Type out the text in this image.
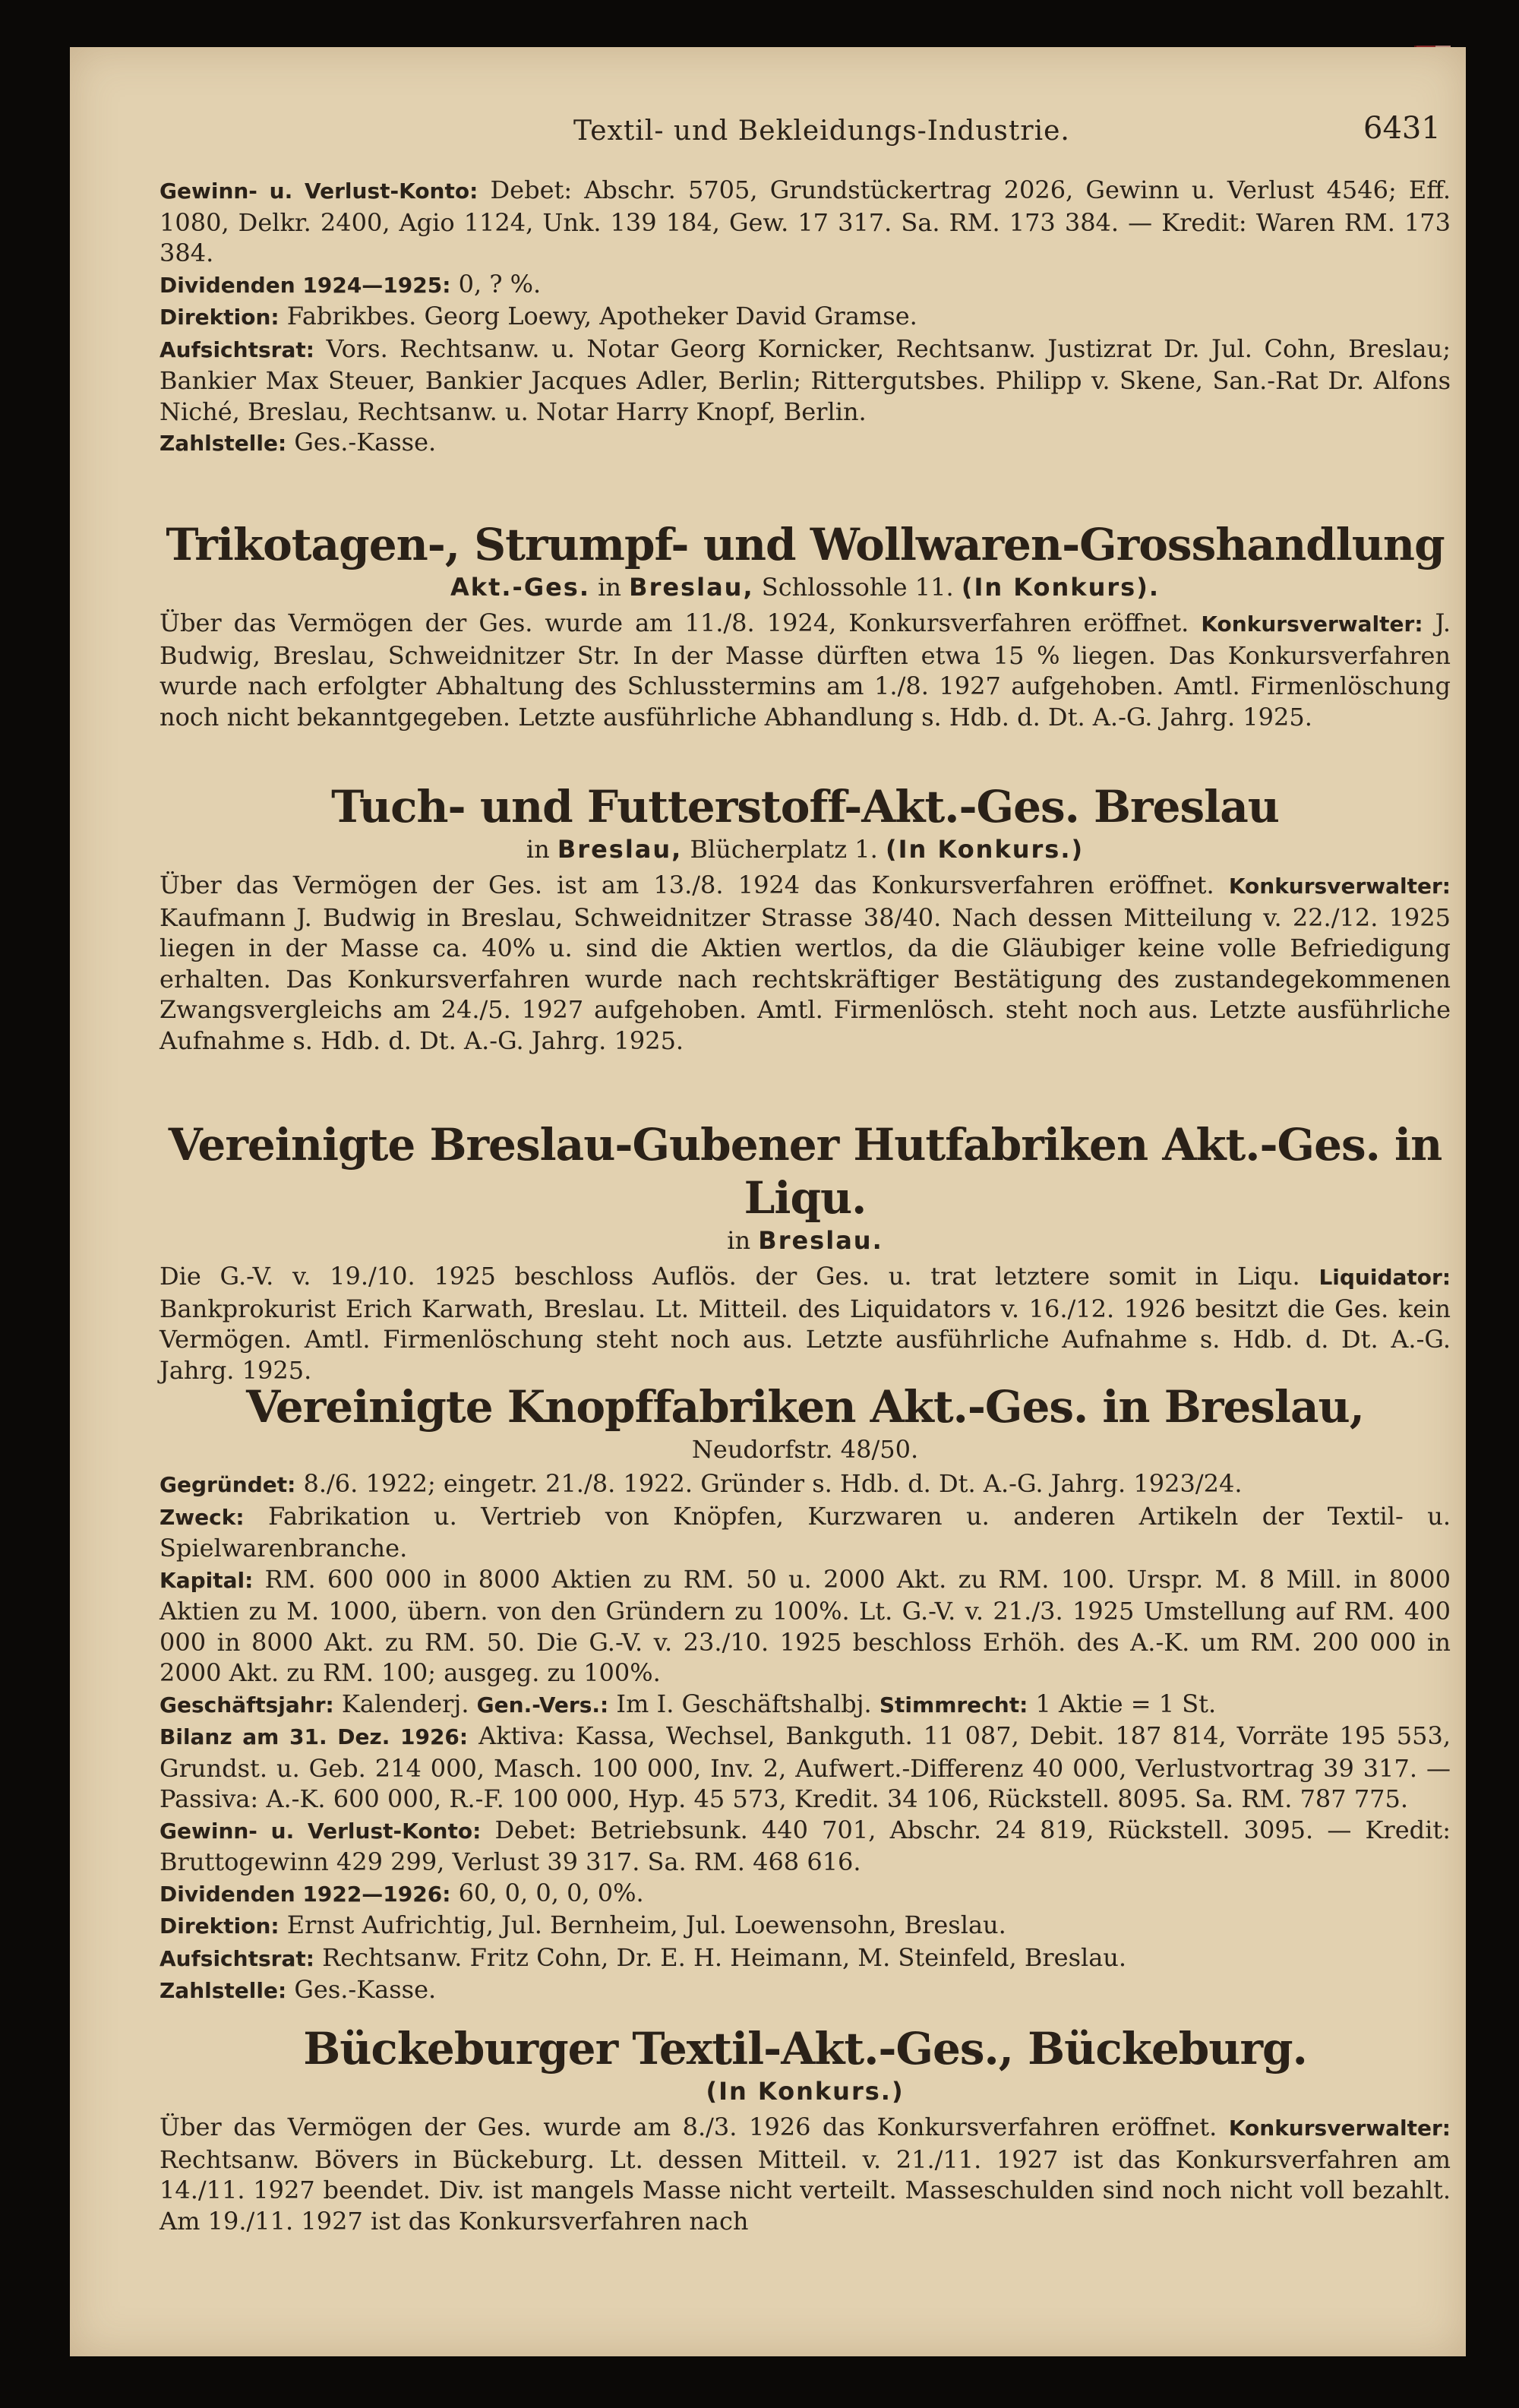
Textil- und Bekleidungs-Industrie.	6431

Gewinn- u. Verlust-Konto: Debet: Abschr. 5705, Grundstückertrag 2026, Gewinn u. Verlust 4546; Eff. 1080, Delkr. 2400, Agio 1124, Unk. 139 184, Gew. 17 317. Sa. RM. 173 384. — Kredit: Waren RM. 173 384.

Dividenden 1924—1925: 0, ? %.

Direktion: Fabrikbes. Georg Loewy, Apotheker David Gramse.

Aufsichtsrat: Vors. Rechtsanw. u. Notar Georg Kornicker, Rechtsanw. Justizrat Dr. Jul. Cohn, Breslau; Bankier Max Steuer, Bankier Jacques Adler, Berlin; Rittergutsbes. Philipp v. Skene, San.-Rat Dr. Alfons Niché, Breslau, Rechtsanw. u. Notar Harry Knopf, Berlin.

Zahlstelle: Ges.-Kasse.

Trikotagen-, Strumpf- und Wollwaren-Grosshandlung
Akt.-Ges. in Breslau, Schlossohle 11. (In Konkurs).

Über das Vermögen der Ges. wurde am 11./8. 1924, Konkursverfahren eröffnet. Konkursverwalter: J. Budwig, Breslau, Schweidnitzer Str. In der Masse dürften etwa 15 % liegen. Das Konkursverfahren wurde nach erfolgter Abhaltung des Schlusstermins am 1./8. 1927 aufgehoben. Amtl. Firmenlöschung noch nicht bekanntgegeben. Letzte ausführliche Abhandlung s. Hdb. d. Dt. A.-G. Jahrg. 1925.

Tuch- und Futterstoff-Akt.-Ges. Breslau
in Breslau, Blücherplatz 1. (In Konkurs.)

Über das Vermögen der Ges. ist am 13./8. 1924 das Konkursverfahren eröffnet. Konkursverwalter: Kaufmann J. Budwig in Breslau, Schweidnitzer Strasse 38/40. Nach dessen Mitteilung v. 22./12. 1925 liegen in der Masse ca. 40% u. sind die Aktien wertlos, da die Gläubiger keine volle Befriedigung erhalten. Das Konkursverfahren wurde nach rechtskräftiger Bestätigung des zustandegekommenen Zwangsvergleichs am 24./5. 1927 aufgehoben. Amtl. Firmenlösch. steht noch aus. Letzte ausführliche Aufnahme s. Hdb. d. Dt. A.-G. Jahrg. 1925.

Vereinigte Breslau-Gubener Hutfabriken Akt.-Ges. in Liqu.
in Breslau.

Die G.-V. v. 19./10. 1925 beschloss Auflös. der Ges. u. trat letztere somit in Liqu. Liquidator: Bankprokurist Erich Karwath, Breslau. Lt. Mitteil. des Liquidators v. 16./12. 1926 besitzt die Ges. kein Vermögen. Amtl. Firmenlöschung steht noch aus. Letzte ausführliche Aufnahme s. Hdb. d. Dt. A.-G. Jahrg. 1925.

Vereinigte Knopffabriken Akt.-Ges. in Breslau,
Neudorfstr. 48/50.

Gegründet: 8./6. 1922; eingetr. 21./8. 1922. Gründer s. Hdb. d. Dt. A.-G. Jahrg. 1923/24.

Zweck: Fabrikation u. Vertrieb von Knöpfen, Kurzwaren u. anderen Artikeln der Textil- u. Spielwarenbranche.

Kapital: RM. 600 000 in 8000 Aktien zu RM. 50 u. 2000 Akt. zu RM. 100. Urspr. M. 8 Mill. in 8000 Aktien zu M. 1000, übern. von den Gründern zu 100%. Lt. G.-V. v. 21./3. 1925 Umstellung auf RM. 400 000 in 8000 Akt. zu RM. 50. Die G.-V. v. 23./10. 1925 beschloss Erhöh. des A.-K. um RM. 200 000 in 2000 Akt. zu RM. 100; ausgeg. zu 100%.

Geschäftsjahr: Kalenderj. Gen.-Vers.: Im I. Geschäftshalbj. Stimmrecht: 1 Aktie = 1 St.

Bilanz am 31. Dez. 1926: Aktiva: Kassa, Wechsel, Bankguth. 11 087, Debit. 187 814, Vorräte 195 553, Grundst. u. Geb. 214 000, Masch. 100 000, Inv. 2, Aufwert.-Differenz 40 000, Verlustvortrag 39 317. — Passiva: A.-K. 600 000, R.-F. 100 000, Hyp. 45 573, Kredit. 34 106, Rückstell. 8095. Sa. RM. 787 775.

Gewinn- u. Verlust-Konto: Debet: Betriebsunk. 440 701, Abschr. 24 819, Rückstell. 3095. — Kredit: Bruttogewinn 429 299, Verlust 39 317. Sa. RM. 468 616.

Dividenden 1922—1926: 60, 0, 0, 0, 0%.

Direktion: Ernst Aufrichtig, Jul. Bernheim, Jul. Loewensohn, Breslau.

Aufsichtsrat: Rechtsanw. Fritz Cohn, Dr. E. H. Heimann, M. Steinfeld, Breslau.

Zahlstelle: Ges.-Kasse.

Bückeburger Textil-Akt.-Ges., Bückeburg.
(In Konkurs.)

Über das Vermögen der Ges. wurde am 8./3. 1926 das Konkursverfahren eröffnet. Konkursverwalter: Rechtsanw. Bövers in Bückeburg. Lt. dessen Mitteil. v. 21./11. 1927 ist das Konkursverfahren am 14./11. 1927 beendet. Div. ist mangels Masse nicht verteilt. Masseschulden sind noch nicht voll bezahlt. Am 19./11. 1927 ist das Konkursverfahren nach
